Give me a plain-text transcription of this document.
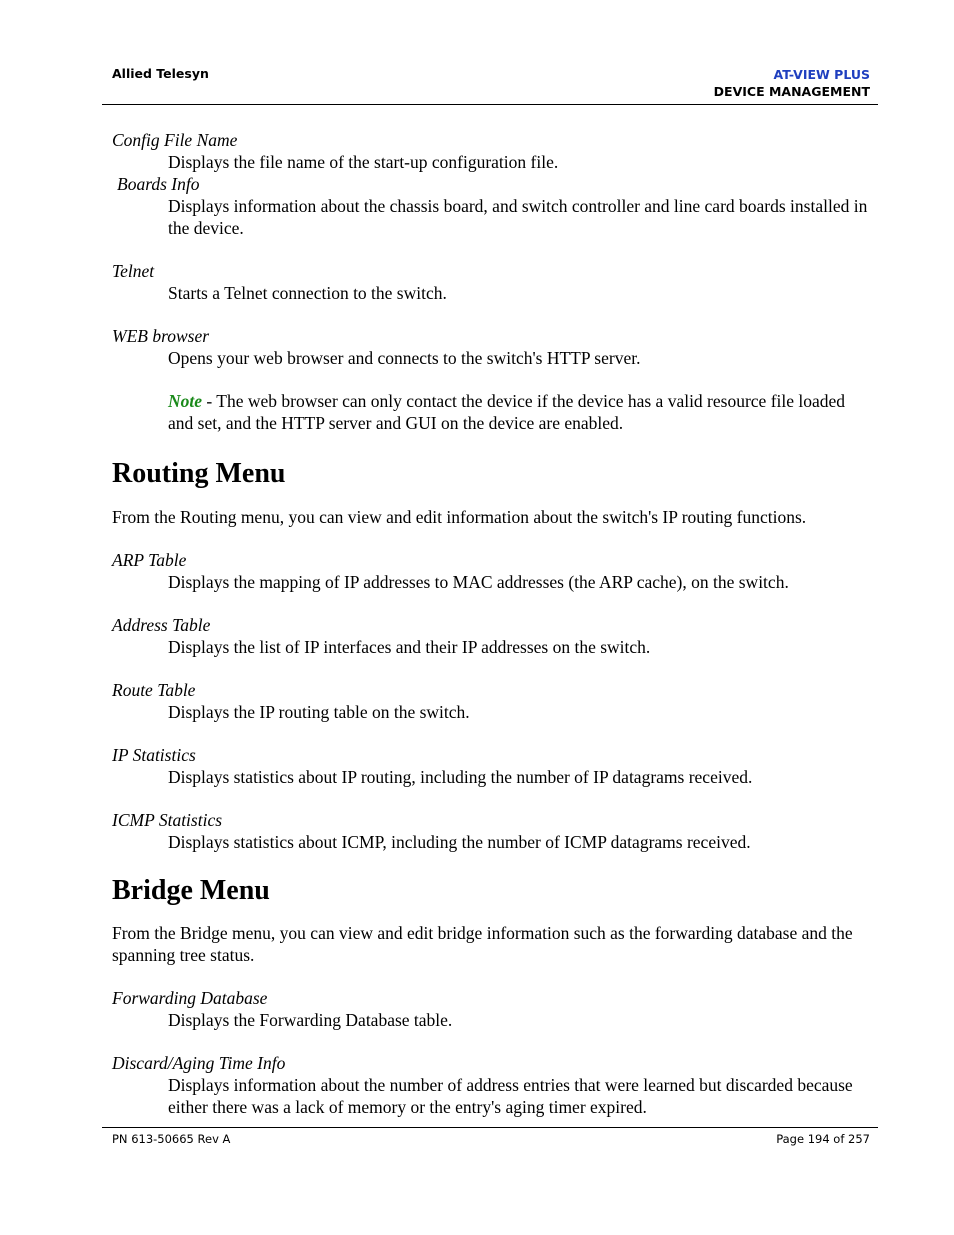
Allied Telesyn	AT-VIEW PLUS
DEVICE MANAGEMENT

Config File Name

Displays the file name of the start-up configuration file.

Boards Info

Displays information about the chassis board, and switch controller and line card boards installed in the device.

Telnet

Starts a Telnet connection to the switch.

WEB browser

Opens your web browser and connects to the switch's HTTP server.

Note - The web browser can only contact the device if the device has a valid resource file loaded and set, and the HTTP server and GUI on the device are enabled.

Routing Menu

From the Routing menu, you can view and edit information about the switch's IP routing functions.

ARP Table

Displays the mapping of IP addresses to MAC addresses (the ARP cache), on the switch.

Address Table

Displays the list of IP interfaces and their IP addresses on the switch.

Route Table

Displays the IP routing table on the switch.

IP Statistics

Displays statistics about IP routing, including the number of IP datagrams received.

ICMP Statistics

Displays statistics about ICMP, including the number of ICMP datagrams received.

Bridge Menu

From the Bridge menu, you can view and edit bridge information such as the forwarding database and the spanning tree status.

Forwarding Database

Displays the Forwarding Database table.

Discard/Aging Time Info

Displays information about the number of address entries that were learned but discarded because either there was a lack of memory or the entry's aging timer expired.

PN 613-50665 Rev A	Page 194 of 257
